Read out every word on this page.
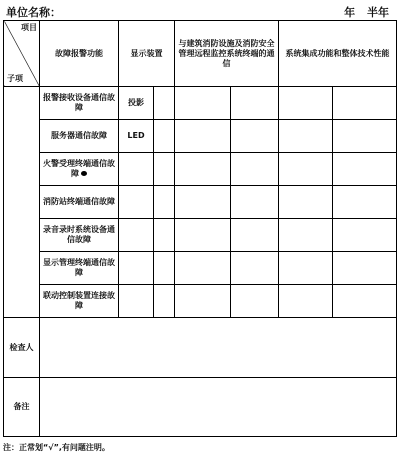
单位名称：	年 半年
项目
子项	故障报警功能	显示装置		与建筑消防设施及消防安全管理远程监控系统终端的通信		系统集成功能和整体技术性能	
	报警接收设备通信故障	投影					
	服务器通信故障	LED					
	火警受理终端通信故障						
	消防站终端通信故障						
	录音录时系统设备通信故障						
	显示管理终端通信故障						
	联动控制装置连接故障						
检查人							
备注							
注：正常划“√”,有问题注明。
